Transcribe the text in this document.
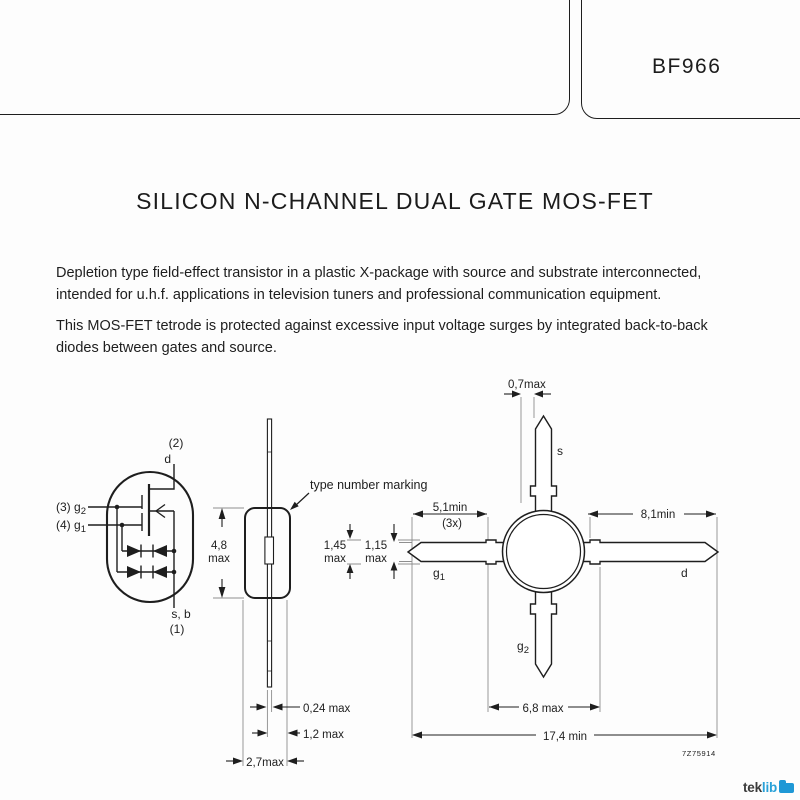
BF966
SILICON N-CHANNEL DUAL GATE MOS-FET

Depletion type field-effect transistor in a plastic X-package with source and substrate interconnected, intended for u.h.f. applications in television tuners and professional communication equipment.

This MOS-FET tetrode is protected against excessive input voltage surges by integrated back-to-back diodes between gates and source.

(2)
d
(3) $g_2$
(4) $g_1$
s, b
(1)
4,8
max
type number marking
0,24 max
1,2 max
2,7max
0,7max
5,1min
(3x)
8,1min
1,45
max
1,15
max
6,8 max
17,4 min
s
d
$g_1$
$g_2$
7Z75914
tek lib
